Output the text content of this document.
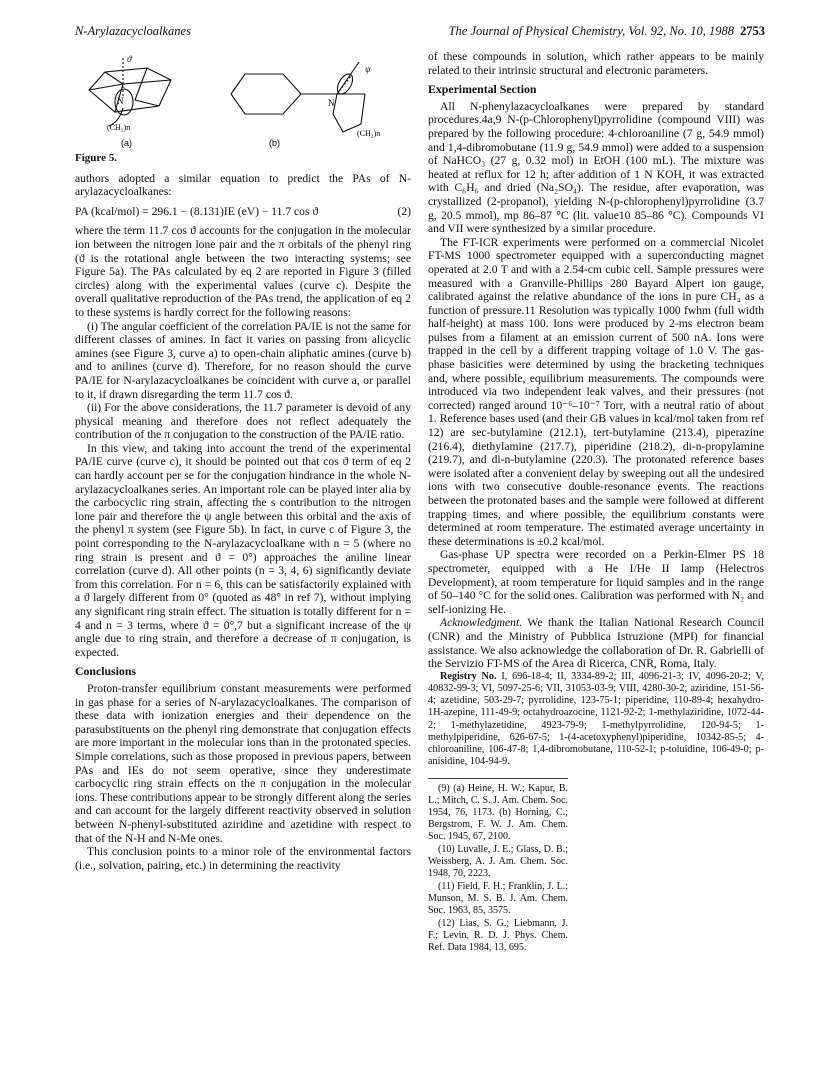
N-Arylazacycloalkanes	The Journal of Physical Chemistry, Vol. 92, No. 10, 1988 2753
ϑ
N
(CH₂)n
(a)
ψ
N
(CH₂)n
(b)
Figure 5.

authors adopted a similar equation to predict the PAs of N-arylazacycloalkanes:

PA (kcal/mol) = 296.1 − (8.131)IE (eV) − 11.7 cos ϑ	(2)

where the term 11.7 cos ϑ accounts for the conjugation in the molecular ion between the nitrogen lone pair and the π orbitals of the phenyl ring (ϑ is the rotational angle between the two interacting systems; see Figure 5a). The PAs calculated by eq 2 are reported in Figure 3 (filled circles) along with the experimental values (curve c). Despite the overall qualitative reproduction of the PAs trend, the application of eq 2 to these systems is hardly correct for the following reasons:

(i) The angular coefficient of the correlation PA/IE is not the same for different classes of amines. In fact it varies on passing from alicyclic amines (see Figure 3, curve a) to open-chain aliphatic amines (curve b) and to anilines (curve d). Therefore, for no reason should the curve PA/IE for N-arylazacycloalkanes be coincident with curve a, or parallel to it, if drawn disregarding the term 11.7 cos ϑ.

(ii) For the above considerations, the 11.7 parameter is devoid of any physical meaning and therefore does not reflect adequately the contribution of the π conjugation to the construction of the PA/IE ratio.

In this view, and taking into account the trend of the experimental PA/IE curve (curve c), it should be pointed out that cos ϑ term of eq 2 can hardly account per se for the conjugation hindrance in the whole N-arylazacycloalkanes series. An important role can be played inter alia by the carbocyclic ring strain, affecting the s contribution to the nitrogen lone pair and therefore the ψ angle between this orbital and the axis of the phenyl π system (see Figure 5b). In fact, in curve c of Figure 3, the point corresponding to the N-arylazacycloalkane with n = 5 (where no ring strain is present and ϑ = 0°) approaches the aniline linear correlation (curve d). All other points (n = 3, 4, 6) significantly deviate from this correlation. For n = 6, this can be satisfactorily explained with a ϑ largely different from 0° (quoted as 48° in ref 7), without implying any significant ring strain effect. The situation is totally different for n = 4 and n = 3 terms, where ϑ = 0°,7 but a significant increase of the ψ angle due to ring strain, and therefore a decrease of π conjugation, is expected.

Conclusions

Proton-transfer equilibrium constant measurements were performed in gas phase for a series of N-arylazacycloalkanes. The comparison of these data with ionization energies and their dependence on the parasubstituents on the phenyl ring demonstrate that conjugation effects are more important in the molecular ions than in the protonated species. Simple correlations, such as those proposed in previous papers, between PAs and IEs do not seem operative, since they underestimate carbocyclic ring strain effects on the π conjugation in the molecular ions. These contributions appear to be strongly different along the series and can account for the largely different reactivity observed in solution between N-phenyl-substituted aziridine and azetidine with respect to that of the N-H and N-Me ones.

This conclusion points to a minor role of the environmental factors (i.e., solvation, pairing, etc.) in determining the reactivity

of these compounds in solution, which rather appears to be mainly related to their intrinsic structural and electronic parameters.

Experimental Section

All N-phenylazacycloalkanes were prepared by standard procedures.4a,9 N-(p-Chlorophenyl)pyrrolidine (compound VIII) was prepared by the following procedure: 4-chloroaniline (7 g, 54.9 mmol) and 1,4-dibromobutane (11.9 g, 54.9 mmol) were added to a suspension of NaHCO₃ (27 g, 0.32 mol) in EtOH (100 mL). The mixture was heated at reflux for 12 h; after addition of 1 N KOH, it was extracted with C₆H₆ and dried (Na₂SO₄). The residue, after evaporation, was crystallized (2-propanol), yielding N-(p-chlorophenyl)pyrrolidine (3.7 g, 20.5 mmol), mp 86–87 °C (lit. value10 85–86 °C). Compounds VI and VII were synthesized by a similar procedure.

The FT-ICR experiments were performed on a commercial Nicolet FT-MS 1000 spectrometer equipped with a superconducting magnet operated at 2.0 T and with a 2.54-cm cubic cell. Sample pressures were measured with a Granville-Phillips 280 Bayard Alpert ion gauge, calibrated against the relative abundance of the ions in pure CH₄ as a function of pressure.11 Resolution was typically 1000 fwhm (full width half-height) at mass 100. Ions were produced by 2-ms electron beam pulses from a filament at an emission current of 500 nA. Ions were trapped in the cell by a different trapping voltage of 1.0 V. The gas-phase basicities were determined by using the bracketing techniques and, where possible, equilibrium measurements. The compounds were introduced via two independent leak valves, and their pressures (not corrected) ranged around 10⁻⁶–10⁻⁷ Torr, with a neutral ratio of about 1. Reference bases used (and their GB values in kcal/mol taken from ref 12) are sec-butylamine (212.1), tert-butylamine (213.4), piperazine (216.4), diethylamine (217.7), piperidine (218.2), di-n-propylamine (219.7), and di-n-butylamine (220.3). The protonated reference bases were isolated after a convenient delay by sweeping out all the undesired ions with two consecutive double-resonance events. The reactions between the protonated bases and the sample were followed at different trapping times, and where possible, the equilibrium constants were determined at room temperature. The estimated average uncertainty in these determinations is ±0.2 kcal/mol.

Gas-phase UP spectra were recorded on a Perkin-Elmer PS 18 spectrometer, equipped with a He I/He II lamp (Helectros Development), at room temperature for liquid samples and in the range of 50–140 °C for the solid ones. Calibration was performed with N₂ and self-ionizing He.

Acknowledgment. We thank the Italian National Research Council (CNR) and the Ministry of Pubblica Istruzione (MPI) for financial assistance. We also acknowledge the collaboration of Dr. R. Gabrielli of the Servizio FT-MS of the Area di Ricerca, CNR, Roma, Italy.

Registry No. I, 696-18-4; II, 3334-89-2; III, 4096-21-3; IV, 4096-20-2; V, 40832-99-3; VI, 5097-25-6; VII, 31053-03-9; VIII, 4280-30-2; aziridine, 151-56-4; azetidine, 503-29-7; pyrrolidine, 123-75-1; piperidine, 110-89-4; hexahydro-1H-azepine, 111-49-9; octahydroazocine, 1121-92-2; 1-methylaziridine, 1072-44-2; 1-methylazetidine, 4923-79-9; 1-methylpyrrolidine, 120-94-5; 1-methylpiperidine, 626-67-5; 1-(4-acetoxyphenyl)piperidine, 10342-85-5; 4-chloroaniline, 106-47-8; 1,4-dibromobutane, 110-52-1; p-toluidine, 106-49-0; p-anisidine, 104-94-9.

(9) (a) Heine, H. W.; Kapur, B. L.; Mitch, C. S. J. Am. Chem. Soc. 1954, 76, 1173. (b) Horning, C.; Bergstrom, F. W. J. Am. Chem. Soc. 1945, 67, 2100.

(10) Luvalle, J. E.; Glass, D. B.; Weissberg, A. J. Am. Chem. Soc. 1948, 70, 2223.

(11) Field, F. H.; Franklin, J. L.; Munson, M. S. B. J. Am. Chem. Soc. 1963, 85, 3575.

(12) Lias, S. G.; Liebmann, J. F.; Levin, R. D. J. Phys. Chem. Ref. Data 1984, 13, 695.
